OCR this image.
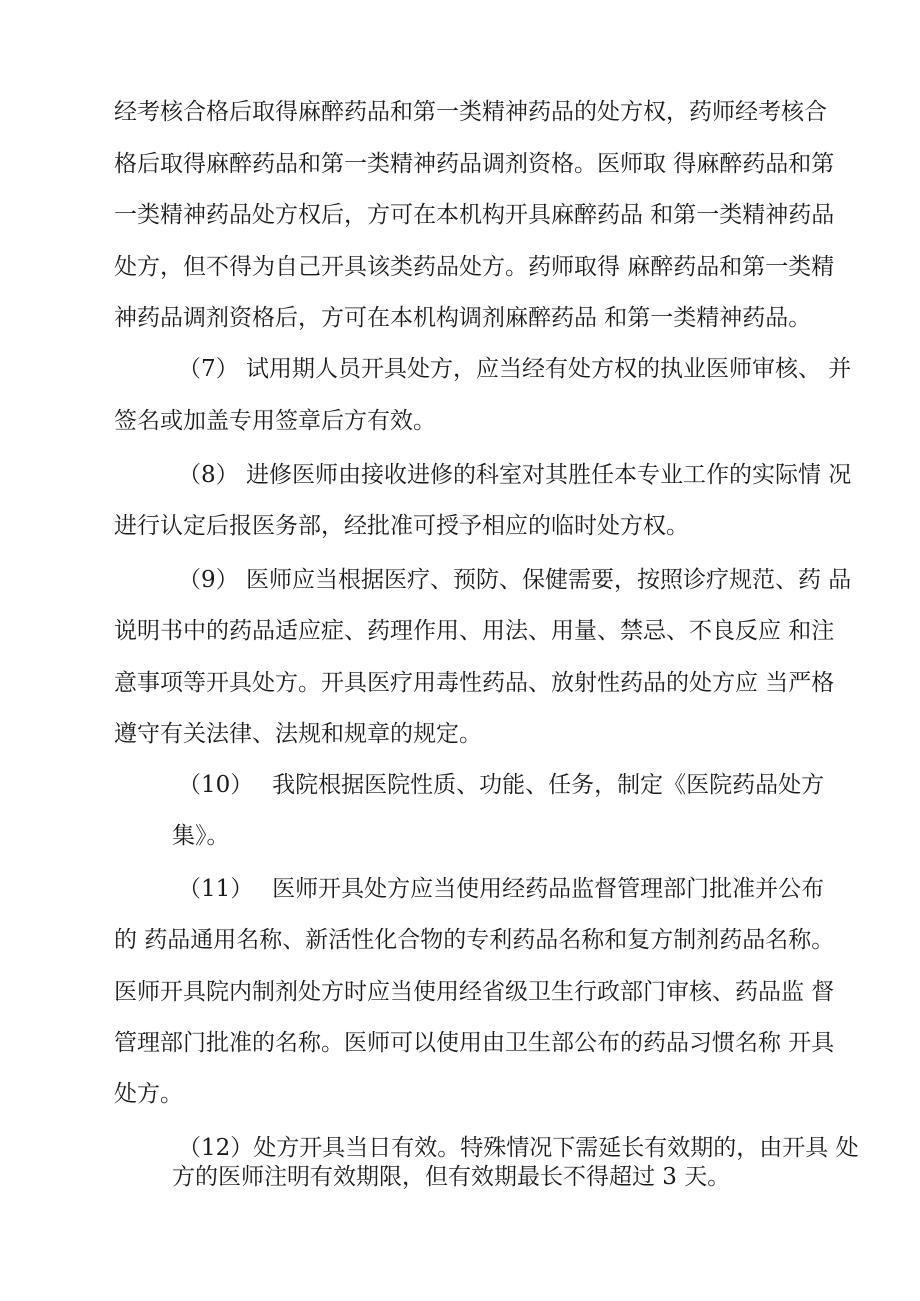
经考核合格后取得麻醉药品和第一类精神药品的处方权，药师经考核合
格后取得麻醉药品和第一类精神药品调剂资格。医师取 得麻醉药品和第
一类精神药品处方权后，方可在本机构开具麻醉药品 和第一类精神药品
处方，但不得为自己开具该类药品处方。药师取得 麻醉药品和第一类精
神药品调剂资格后，方可在本机构调剂麻醉药品 和第一类精神药品。
（7） 试用期人员开具处方，应当经有处方权的执业医师审核、 并
签名或加盖专用签章后方有效。
（8） 进修医师由接收进修的科室对其胜任本专业工作的实际情 况
进行认定后报医务部，经批准可授予相应的临时处方权。
（9） 医师应当根据医疗、预防、保健需要，按照诊疗规范、药 品
说明书中的药品适应症、药理作用、用法、用量、禁忌、不良反应 和注
意事项等开具处方。开具医疗用毒性药品、放射性药品的处方应 当严格
遵守有关法律、法规和规章的规定。
（10）　 我院根据医院性质、功能、任务，制定《医院药品处方
集》。
（11）　 医师开具处方应当使用经药品监督管理部门批准并公布
的 药品通用名称、新活性化合物的专利药品名称和复方制剂药品名称。
医师开具院内制剂处方时应当使用经省级卫生行政部门审核、药品监 督
管理部门批准的名称。医师可以使用由卫生部公布的药品习惯名称 开具
处方。
（12）处方开具当日有效。特殊情况下需延长有效期的，由开具 处
方的医师注明有效期限，但有效期最长不得超过 3 天。
